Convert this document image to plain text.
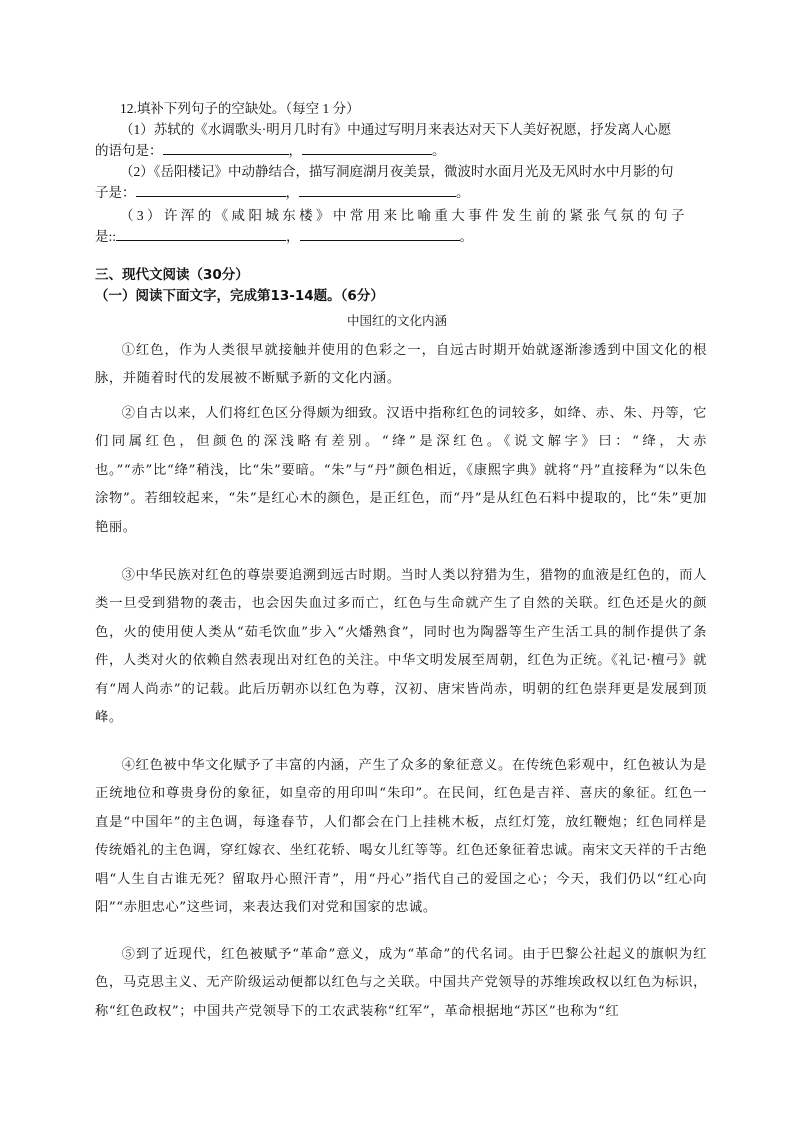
12.填补下列句子的空缺处。（每空 1 分）
（1）苏轼的《水调歌头·明月几时有》中通过写明月来表达对天下人美好祝愿，抒发离人心愿
的语句是：	，	。
（2）《岳阳楼记》中动静结合，描写洞庭湖月夜美景，微波时水面月光及无风时水中月影的句
子是：	，	。
（3）许浑的《咸阳城东楼》中常用来比喻重大事件发生前的紧张气氛的句子
是::	，	。
三、现代文阅读（30分）
（一）阅读下面文字，完成第13-14题。（6分）
中国红的文化内涵
①红色，作为人类很早就接触并使用的色彩之一，自远古时期开始就逐渐渗透到中国文化的根脉，并随着时代的发展被不断赋予新的文化内涵。
②自古以来，人们将红色区分得颇为细致。汉语中指称红色的词较多，如绛、赤、朱、丹等，它们同属红色，但颜色的深浅略有差别。“绛”是深红色。《说文解字》曰：“绛，大赤也。”“赤”比“绛”稍浅，比“朱”要暗。“朱”与“丹”颜色相近，《康熙字典》就将“丹”直接释为“以朱色涂物”。若细较起来，“朱”是红心木的颜色，是正红色，而“丹”是从红色石料中提取的，比“朱”更加艳丽。
③中华民族对红色的尊崇要追溯到远古时期。当时人类以狩猎为生，猎物的血液是红色的，而人类一旦受到猎物的袭击，也会因失血过多而亡，红色与生命就产生了自然的关联。红色还是火的颜色，火的使用使人类从“茹毛饮血”步入“火燔熟食”，同时也为陶器等生产生活工具的制作提供了条件，人类对火的依赖自然表现出对红色的关注。中华文明发展至周朝，红色为正统。《礼记·檀弓》就有“周人尚赤”的记载。此后历朝亦以红色为尊，汉初、唐宋皆尚赤，明朝的红色崇拜更是发展到顶峰。
④红色被中华文化赋予了丰富的内涵，产生了众多的象征意义。在传统色彩观中，红色被认为是正统地位和尊贵身份的象征，如皇帝的用印叫“朱印”。在民间，红色是吉祥、喜庆的象征。红色一直是“中国年”的主色调，每逢春节，人们都会在门上挂桃木板，点红灯笼，放红鞭炮；红色同样是传统婚礼的主色调，穿红嫁衣、坐红花轿、喝女儿红等等。红色还象征着忠诚。南宋文天祥的千古绝唱“人生自古谁无死？留取丹心照汗青”，用“丹心”指代自己的爱国之心；今天，我们仍以“红心向阳”“赤胆忠心”这些词，来表达我们对党和国家的忠诚。
⑤到了近现代，红色被赋予“革命”意义，成为“革命”的代名词。由于巴黎公社起义的旗帜为红色，马克思主义、无产阶级运动便都以红色与之关联。中国共产党领导的苏维埃政权以红色为标识，称“红色政权”；中国共产党领导下的工农武装称“红军”，革命根据地“苏区”也称为“红
